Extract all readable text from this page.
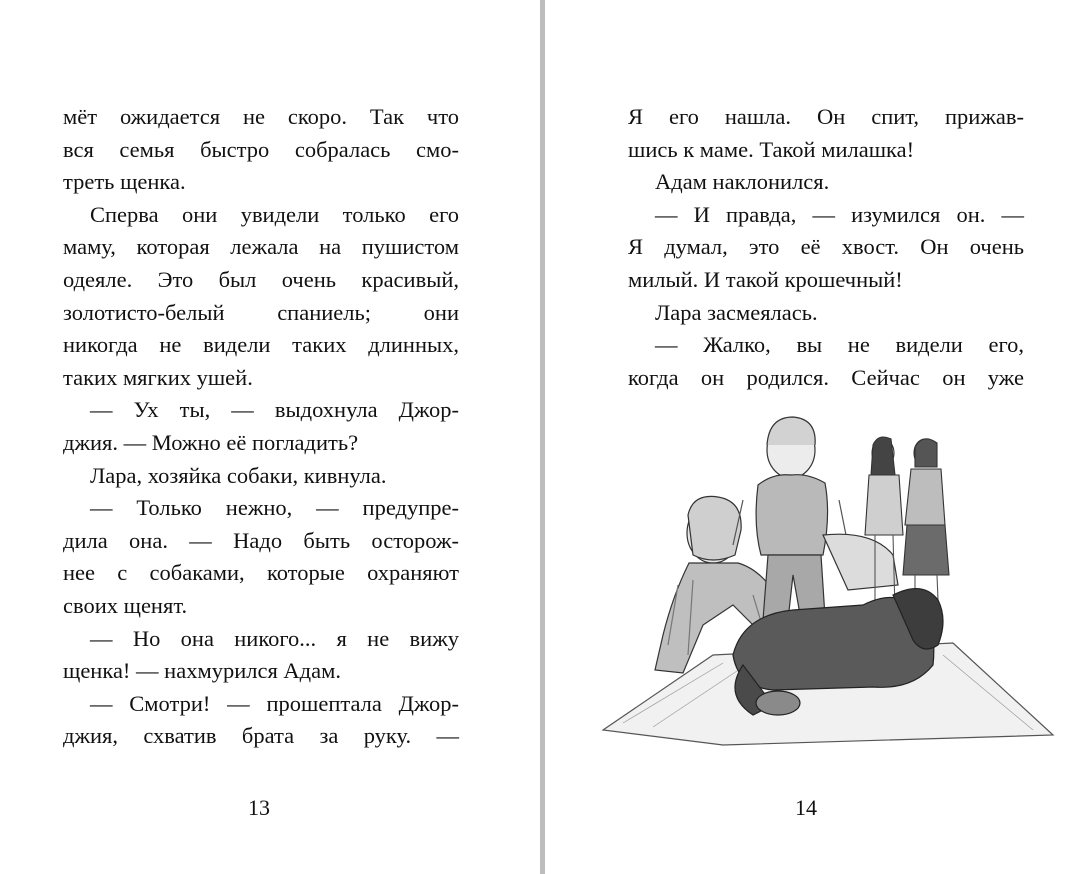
мёт ожидается не скоро. Так что
вся семья быстро собралась смо-
треть щенка.
Сперва они увидели только его
маму, которая лежала на пушистом
одеяле. Это был очень красивый,
золотисто-белый спаниель; они
никогда не видели таких длинных,
таких мягких ушей.
— Ух ты, — выдохнула Джор-
джия. — Можно её погладить?
Лара, хозяйка собаки, кивнула.
— Только нежно, — предупре-
дила она. — Надо быть осторож-
нее с собаками, которые охраняют
своих щенят.
— Но она никого... я не вижу
щенка! — нахмурился Адам.
— Смотри! — прошептала Джор-
джия, схватив брата за руку. —
13
Я его нашла. Он спит, прижав-
шись к маме. Такой милашка!
Адам наклонился.
— И правда, — изумился он. —
Я думал, это её хвост. Он очень
милый. И такой крошечный!
Лара засмеялась.
— Жалко, вы не видели его,
когда он родился. Сейчас он уже
14
